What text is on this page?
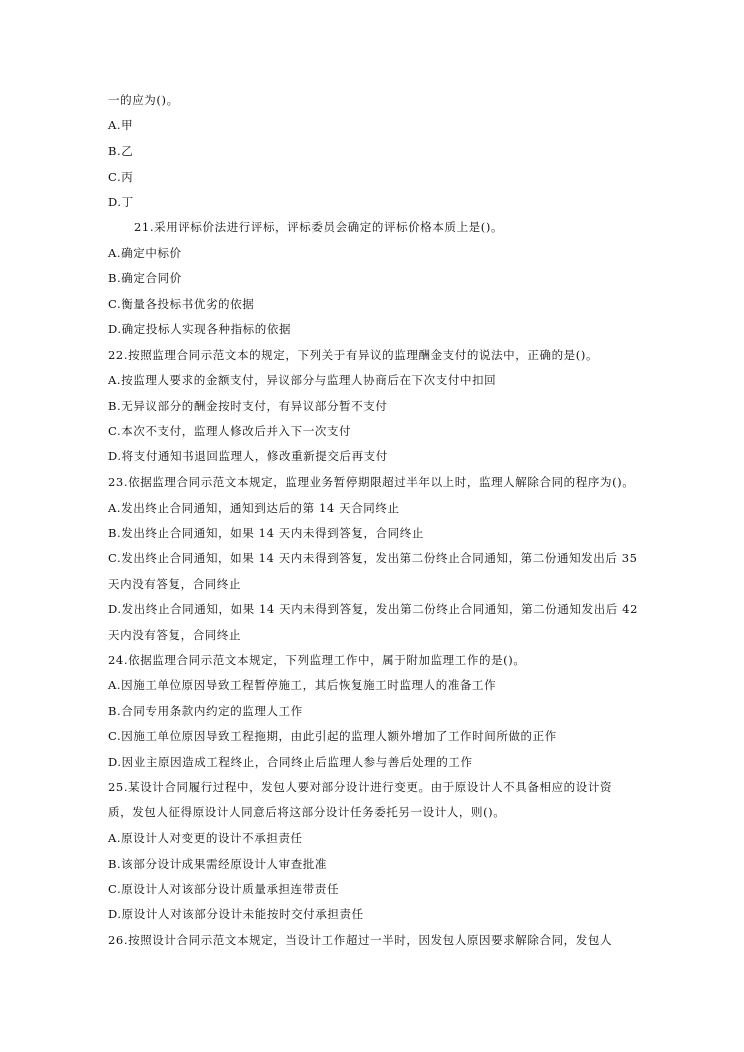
一的应为()。
A.甲
B.乙
C.丙
D.丁
21.采用评标价法进行评标，评标委员会确定的评标价格本质上是()。
A.确定中标价
B.确定合同价
C.衡量各投标书优劣的依据
D.确定投标人实现各种指标的依据
22.按照监理合同示范文本的规定，下列关于有异议的监理酬金支付的说法中，正确的是()。
A.按监理人要求的金额支付，异议部分与监理人协商后在下次支付中扣回
B.无异议部分的酬金按时支付，有异议部分暂不支付
C.本次不支付，监理人修改后并入下一次支付
D.将支付通知书退回监理人，修改重新提交后再支付
23.依据监理合同示范文本规定，监理业务暂停期限超过半年以上时，监理人解除合同的程序为()。
A.发出终止合同通知，通知到达后的第 14 天合同终止
B.发出终止合同通知，如果 14 天内未得到答复，合同终止
C.发出终止合同通知，如果 14 天内未得到答复，发出第二份终止合同通知，第二份通知发出后 35
天内没有答复，合同终止
D.发出终止合同通知，如果 14 天内未得到答复，发出第二份终止合同通知，第二份通知发出后 42
天内没有答复，合同终止
24.依据监理合同示范文本规定，下列监理工作中，属于附加监理工作的是()。
A.因施工单位原因导致工程暂停施工，其后恢复施工时监理人的准备工作
B.合同专用条款内约定的监理人工作
C.因施工单位原因导致工程拖期，由此引起的监理人额外增加了工作时间所做的正作
D.因业主原因造成工程终止，合同终止后监理人参与善后处理的工作
25.某设计合同履行过程中，发包人要对部分设计进行变更。由于原设计人不具备相应的设计资
质，发包人征得原设计人同意后将这部分设计任务委托另一设计人，则()。
A.原设计人对变更的设计不承担责任
B.该部分设计成果需经原设计人审查批准
C.原设计人对该部分设计质量承担连带责任
D.原设计人对该部分设计未能按时交付承担责任
26.按照设计合同示范文本规定，当设计工作超过一半时，因发包人原因要求解除合同，发包人
